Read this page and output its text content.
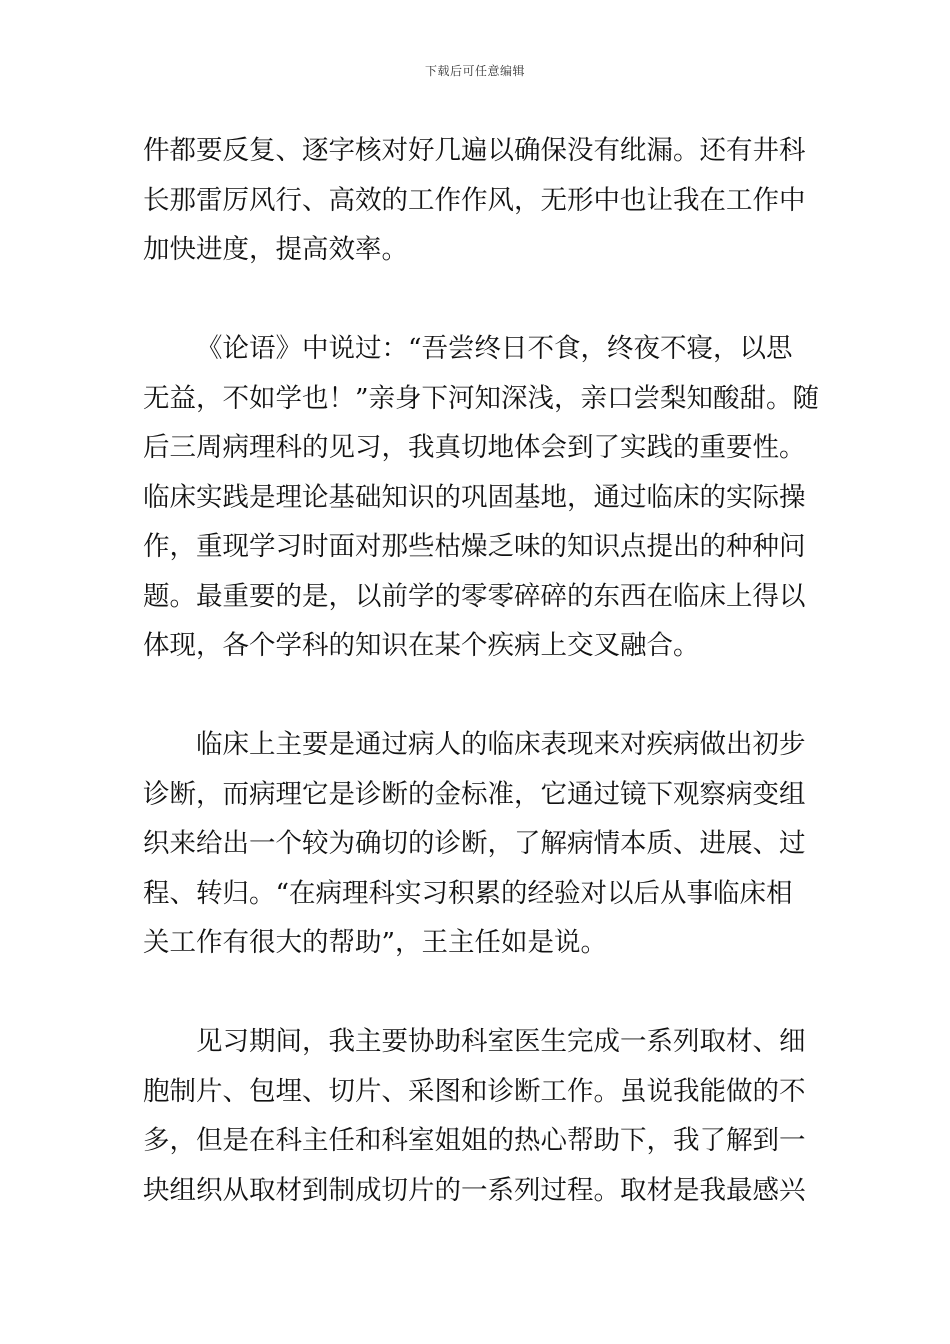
下载后可任意编辑
件都要反复、逐字核对好几遍以确保没有纰漏。还有井科
长那雷厉风行、高效的工作作风，无形中也让我在工作中
加快进度，提高效率。
《论语》中说过：“吾尝终日不食，终夜不寝，以思
无益，不如学也！”亲身下河知深浅，亲口尝梨知酸甜。随
后三周病理科的见习，我真切地体会到了实践的重要性。
临床实践是理论基础知识的巩固基地，通过临床的实际操
作，重现学习时面对那些枯燥乏味的知识点提出的种种问
题。最重要的是，以前学的零零碎碎的东西在临床上得以
体现，各个学科的知识在某个疾病上交叉融合。
临床上主要是通过病人的临床表现来对疾病做出初步
诊断，而病理它是诊断的金标准，它通过镜下观察病变组
织来给出一个较为确切的诊断，了解病情本质、进展、过
程、转归。“在病理科实习积累的经验对以后从事临床相
关工作有很大的帮助”，王主任如是说。
见习期间，我主要协助科室医生完成一系列取材、细
胞制片、包埋、切片、采图和诊断工作。虽说我能做的不
多，但是在科主任和科室姐姐的热心帮助下，我了解到一
块组织从取材到制成切片的一系列过程。取材是我最感兴
